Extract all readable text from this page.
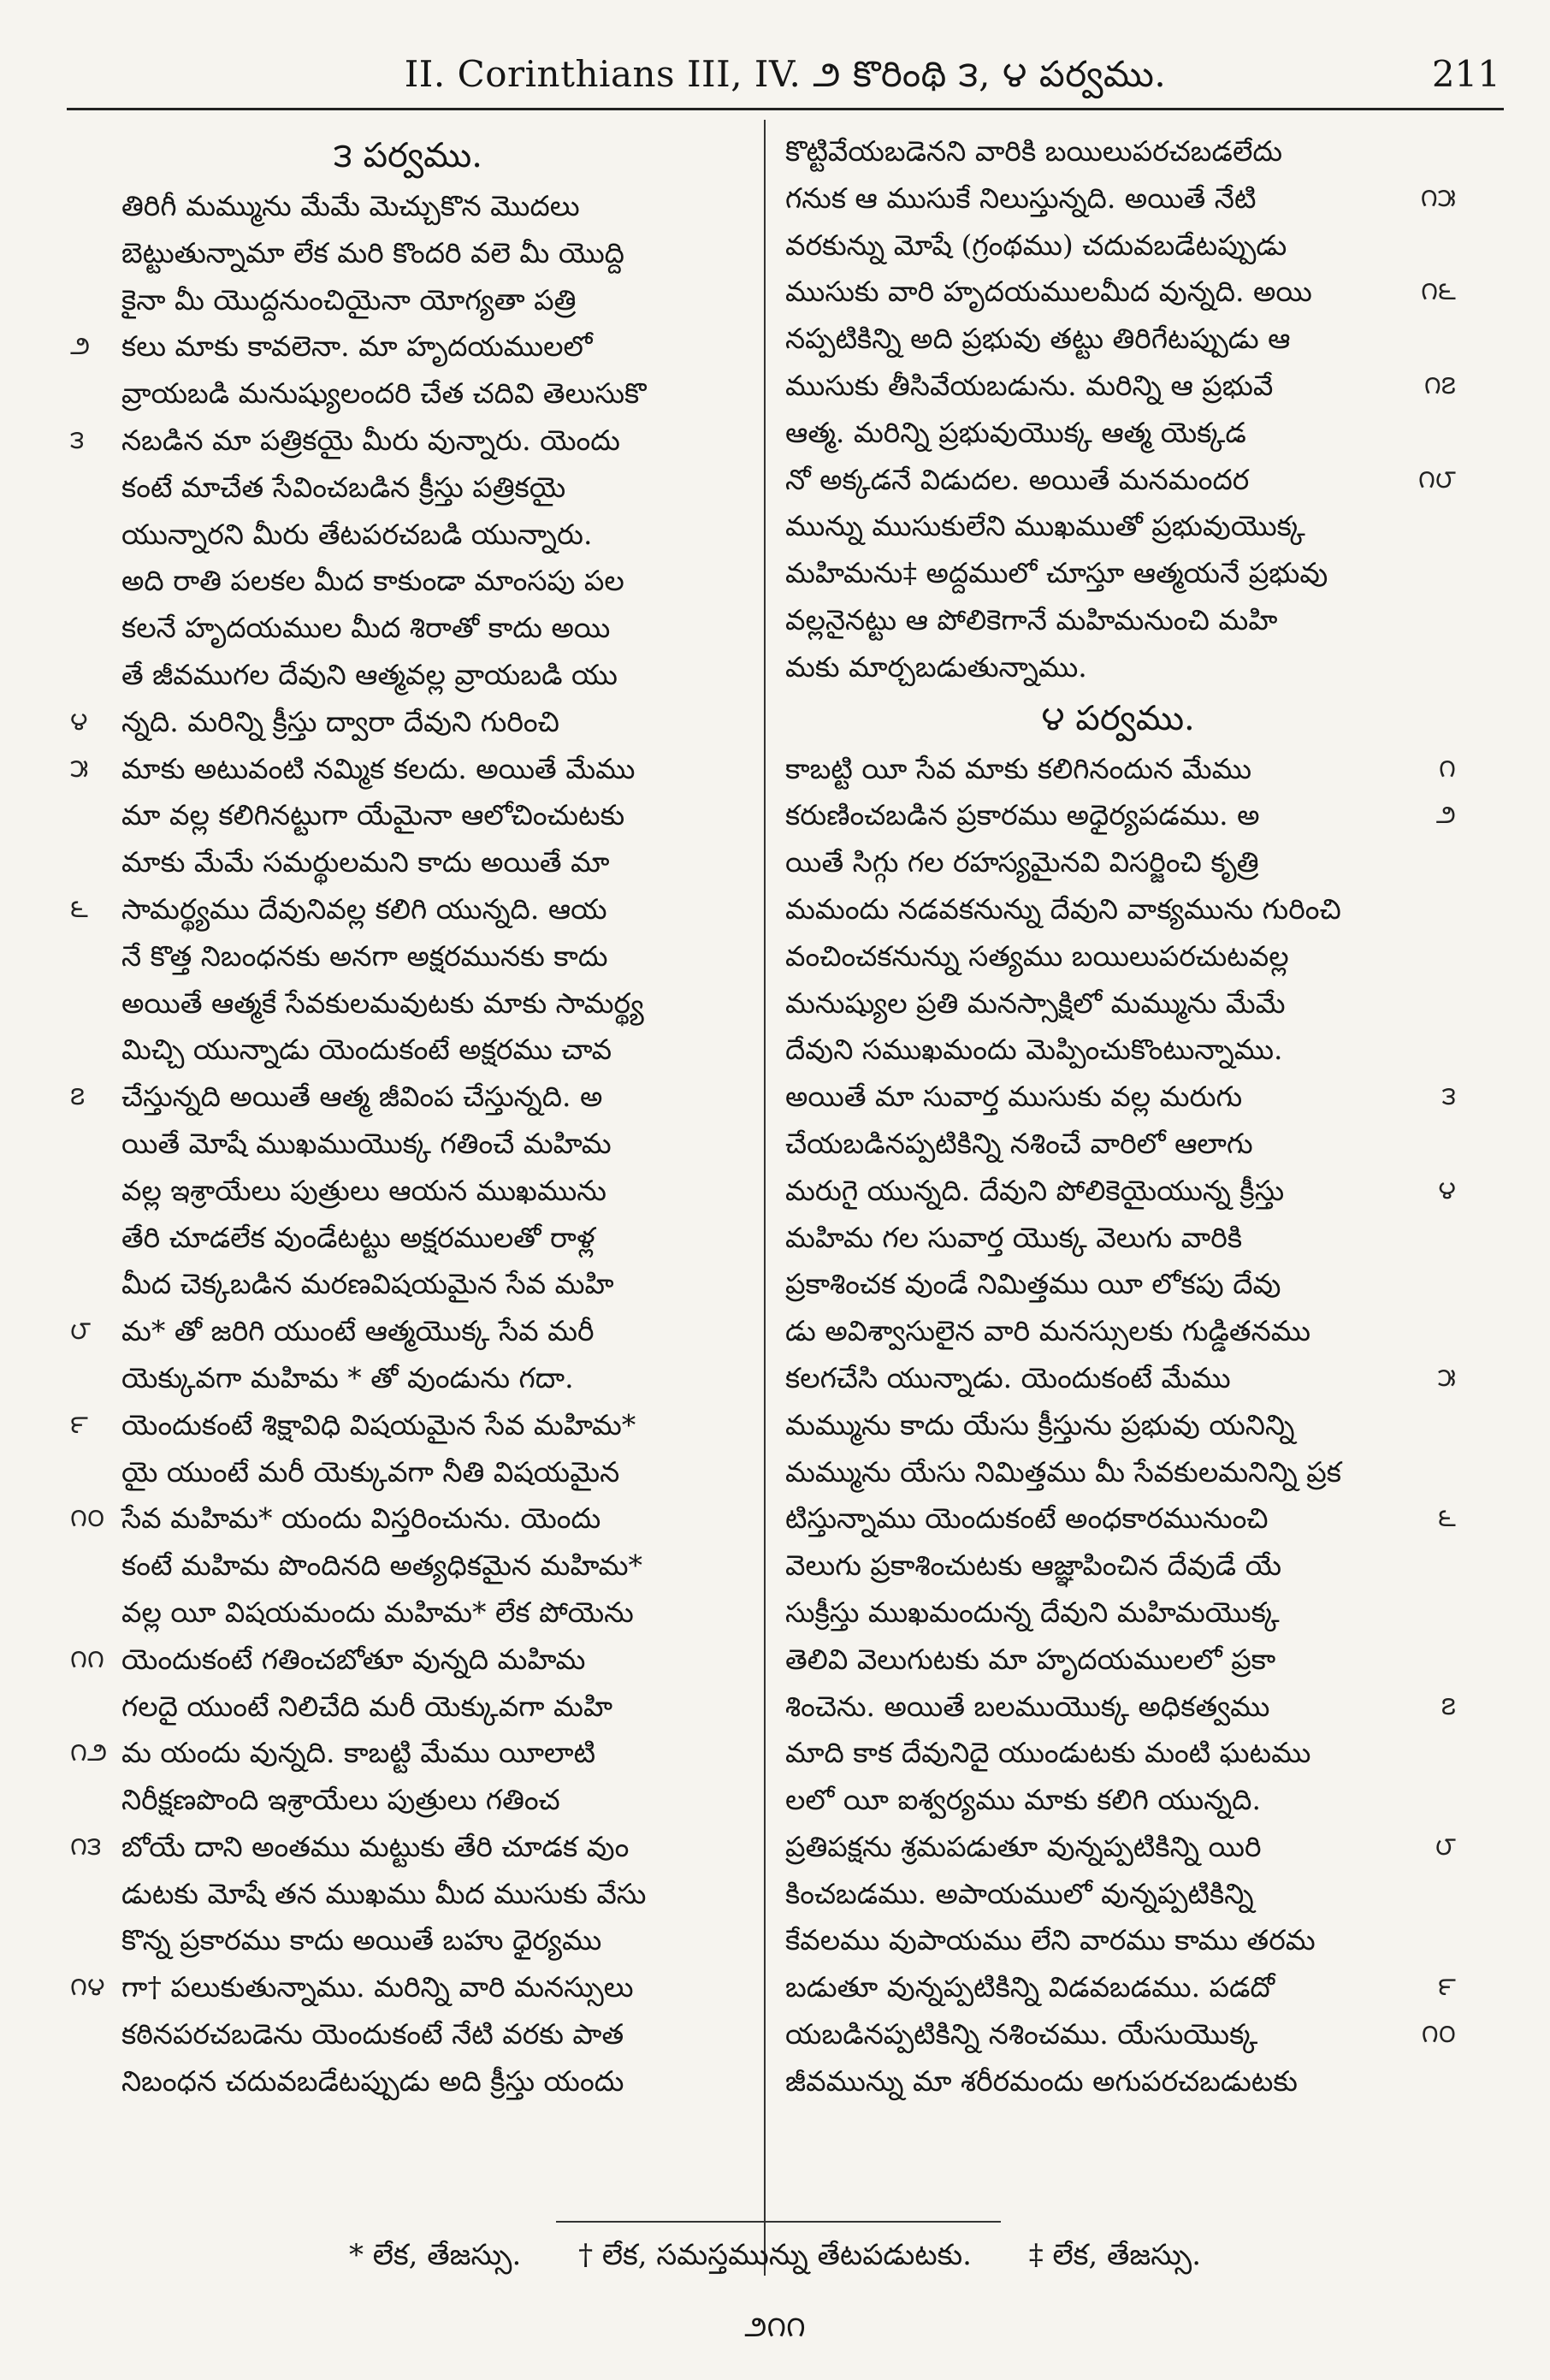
II. Corinthians III, IV. ౨ కొరింథి ౩, ౪ పర్వము.	211
౩ పర్వము.
తిరిగీ మమ్మును మేమే మెచ్చుకొన మొదలు
బెట్టుతున్నామా లేక మరి కొందరి వలె మీ యొద్ది
కైనా మీ యొద్దనుంచియైనా యోగ్యతా పత్రి
౨	కలు మాకు కావలెనా. మా హృదయములలో
వ్రాయబడి మనుష్యులందరి చేత చదివి తెలుసుకొ
౩	నబడిన మా పత్రికయై మీరు వున్నారు. యెందు
కంటే మాచేత సేవించబడిన క్రీస్తు పత్రికయై
యున్నారని మీరు తేటపరచబడి యున్నారు.
అది రాతి పలకల మీద కాకుండా మాంసపు పల
కలనే హృదయముల మీద శిరాతో కాదు అయి
తే జీవముగల దేవుని ఆత్మవల్ల వ్రాయబడి యు
౪	న్నది. మరిన్ని క్రీస్తు ద్వారా దేవుని గురించి
౫	మాకు అటువంటి నమ్మిక కలదు. అయితే మేము
మా వల్ల కలిగినట్టుగా యేమైనా ఆలోచించుటకు
మాకు మేమే సమర్థులమని కాదు అయితే మా
౬	సామర్థ్యము దేవునివల్ల కలిగి యున్నది. ఆయ
నే కొత్త నిబంధనకు అనగా అక్షరమునకు కాదు
అయితే ఆత్మకే సేవకులమవుటకు మాకు సామర్థ్య
మిచ్చి యున్నాడు యెందుకంటే అక్షరము చావ
౭	చేస్తున్నది అయితే ఆత్మ జీవింప చేస్తున్నది. అ
యితే మోషే ముఖముయొక్క గతించే మహిమ
వల్ల ఇశ్రాయేలు పుత్రులు ఆయన ముఖమును
తేరి చూడలేక వుండేటట్టు అక్షరములతో రాళ్ల
మీద చెక్కబడిన మరణవిషయమైన సేవ మహి
౮	మ* తో జరిగి యుంటే ఆత్మయొక్క సేవ మరీ
యెక్కువగా మహిమ * తో వుండును గదా.
౯	యెందుకంటే శిక్షావిధి విషయమైన సేవ మహిమ*
యై యుంటే మరీ యెక్కువగా నీతి విషయమైన
౧౦ సేవ మహిమ* యందు విస్తరించును. యెందు
కంటే మహిమ పొందినది అత్యధికమైన మహిమ*
వల్ల యీ విషయమందు మహిమ* లేక పోయెను
౧౧ యెందుకంటే గతించబోతూ వున్నది మహిమ
గలదై యుంటే నిలిచేది మరీ యెక్కువగా మహి
౧౨ మ యందు వున్నది. కాబట్టి మేము యీలాటి
నిరీక్షణపొంది ఇశ్రాయేలు పుత్రులు గతించ
౧౩ బోయే దాని అంతము మట్టుకు తేరి చూడక వుం
డుటకు మోషే తన ముఖము మీద ముసుకు వేసు
కొన్న ప్రకారము కాదు అయితే బహు ధైర్యము
౧౪ గా† పలుకుతున్నాము. మరిన్ని వారి మనస్సులు
కఠినపరచబడెను యెందుకంటే నేటి వరకు పాత
నిబంధన చదువబడేటప్పుడు అది క్రీస్తు యందు
కొట్టివేయబడెనని వారికి బయిలుపరచబడలేదు
౧౫
గనుక ఆ ముసుకే నిలుస్తున్నది. అయితే నేటి
వరకున్ను మోషే (గ్రంథము) చదువబడేటప్పుడు
౧౬
ముసుకు వారి హృదయములమీద వున్నది. అయి
నప్పటికిన్ని అది ప్రభువు తట్టు తిరిగేటప్పుడు ఆ
౧౭
ముసుకు తీసివేయబడును. మరిన్ని ఆ ప్రభువే
ఆత్మ. మరిన్ని ప్రభువుయొక్క ఆత్మ యెక్కడ
౧౮
నో అక్కడనే విడుదల. అయితే మనమందర
మున్ను ముసుకులేని ముఖముతో ప్రభువుయొక్క
మహిమను‡ అద్దములో చూస్తూ ఆత్మయనే ప్రభువు
వల్లనైనట్టు ఆ పోలికెగానే మహిమనుంచి మహి
మకు మార్చబడుతున్నాము.
౪ పర్వము.
౧
కాబట్టి యీ సేవ మాకు కలిగినందున మేము
౨
కరుణించబడిన ప్రకారము అధైర్యపడము. అ
యితే సిగ్గు గల రహస్యమైనవి విసర్జించి కృత్రి
మమందు నడవకనున్ను దేవుని వాక్యమును గురించి
వంచించకనున్ను సత్యము బయిలుపరచుటవల్ల
మనుష్యుల ప్రతి మనస్సాక్షిలో మమ్మును మేమే
దేవుని సముఖమందు మెప్పించుకొంటున్నాము.
౩
అయితే మా సువార్త ముసుకు వల్ల మరుగు
చేయబడినప్పటికిన్ని నశించే వారిలో ఆలాగు
౪
మరుగై యున్నది. దేవుని పోలికెయైయున్న క్రీస్తు
మహిమ గల సువార్త యొక్క వెలుగు వారికి
ప్రకాశించక వుండే నిమిత్తము యీ లోకపు దేవు
డు అవిశ్వాసులైన వారి మనస్సులకు గుడ్డితనము
౫
కలగచేసి యున్నాడు. యెందుకంటే మేము
మమ్మును కాదు యేసు క్రీస్తును ప్రభువు యనిన్ని
మమ్మును యేసు నిమిత్తము మీ సేవకులమనిన్ని ప్రక
౬
టిస్తున్నాము యెందుకంటే అంధకారమునుంచి
వెలుగు ప్రకాశించుటకు ఆజ్ఞాపించిన దేవుడే యే
సుక్రీస్తు ముఖమందున్న దేవుని మహిమయొక్క
తెలివి వెలుగుటకు మా హృదయములలో ప్రకా
౭
శించెను. అయితే బలముయొక్క అధికత్వము
మాది కాక దేవునిదై యుండుటకు మంటి ఘటము
లలో యీ ఐశ్వర్యము మాకు కలిగి యున్నది.
౮
ప్రతిపక్షను శ్రమపడుతూ వున్నప్పటికిన్ని యిరి
కించబడము. అపాయములో వున్నప్పటికిన్ని
కేవలము వుపాయము లేని వారము కాము తరమ
౯
బడుతూ వున్నప్పటికిన్ని విడవబడము. పడదో
౧౦
యబడినప్పటికిన్ని నశించము. యేసుయొక్క
జీవమున్ను మా శరీరమందు అగుపరచబడుటకు
* లేక, తేజస్సు. † లేక, సమస్తమున్ను తేటపడుటకు. ‡ లేక, తేజస్సు.
౨౧౧
